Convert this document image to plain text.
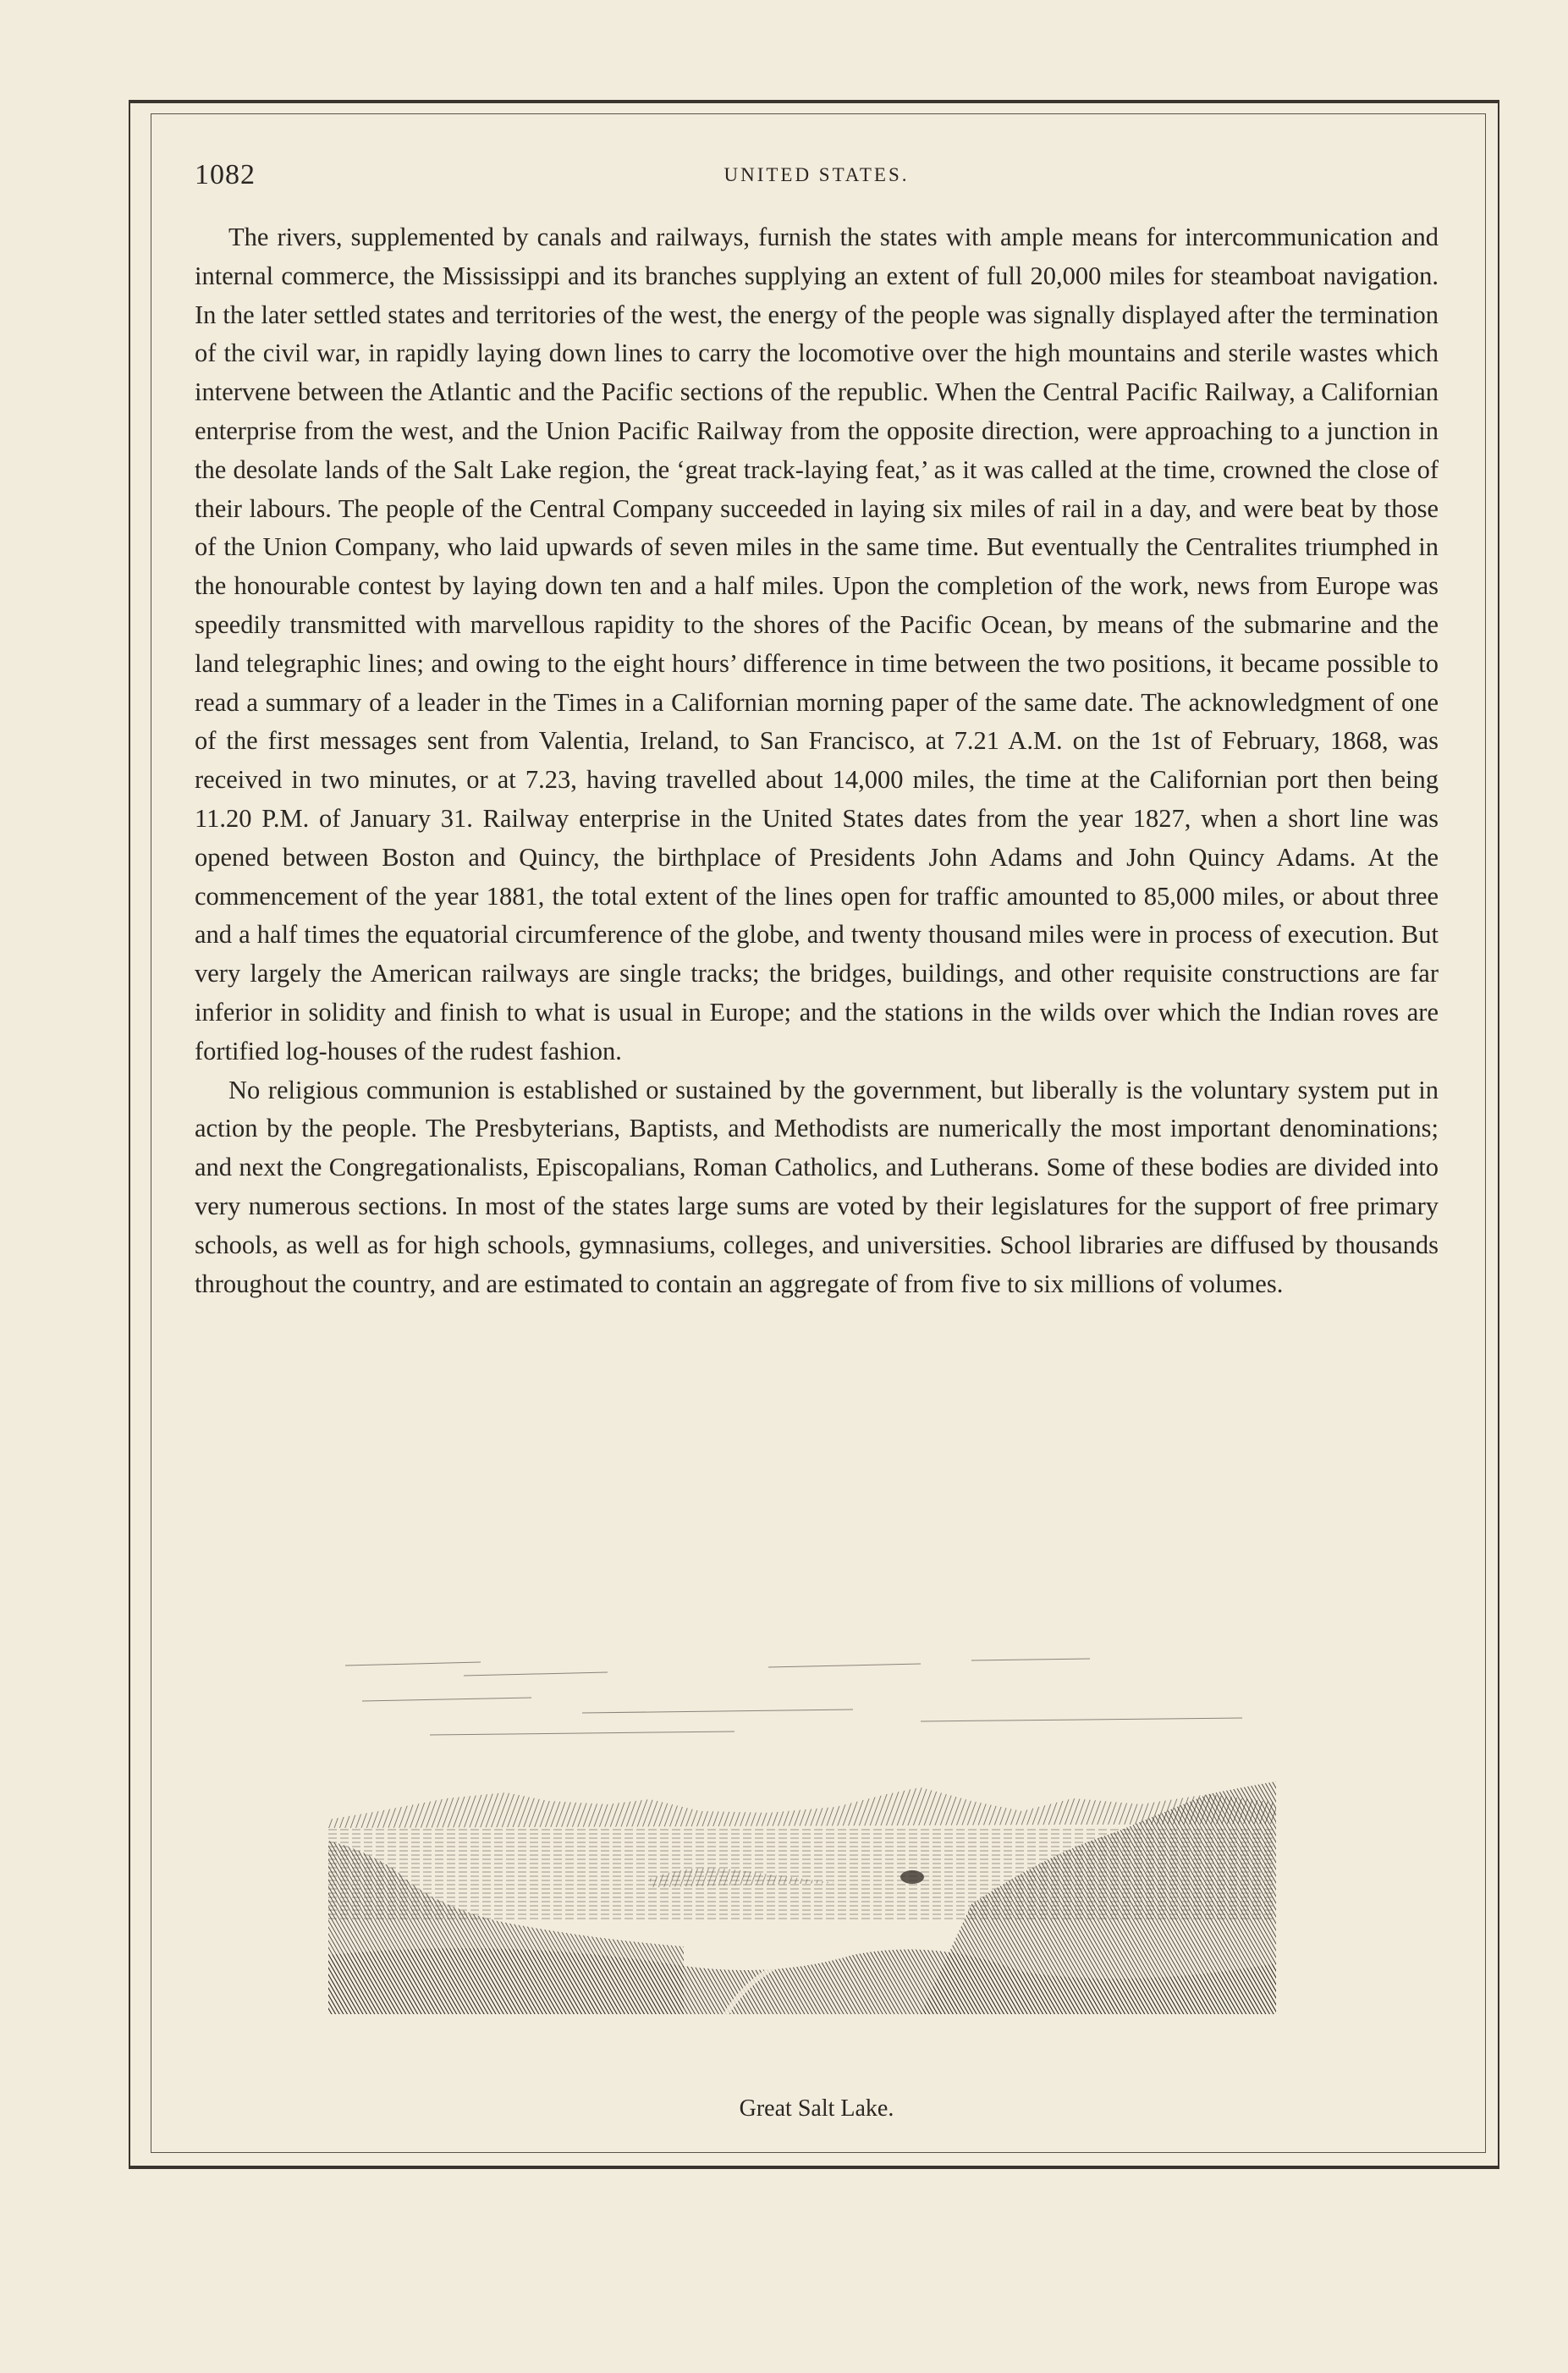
1082	UNITED STATES.

The rivers, supplemented by canals and railways, furnish the states with ample means for intercommunication and internal commerce, the Mississippi and its branches supplying an extent of full 20,000 miles for steamboat navigation. In the later settled states and territories of the west, the energy of the people was signally displayed after the termination of the civil war, in rapidly laying down lines to carry the locomotive over the high mountains and sterile wastes which intervene between the Atlantic and the Pacific sections of the republic. When the Central Pacific Railway, a Californian enterprise from the west, and the Union Pacific Railway from the opposite direction, were approaching to a junction in the desolate lands of the Salt Lake region, the ‘great track-laying feat,’ as it was called at the time, crowned the close of their labours. The people of the Central Company succeeded in laying six miles of rail in a day, and were beat by those of the Union Company, who laid upwards of seven miles in the same time. But eventually the Centralites triumphed in the honourable contest by laying down ten and a half miles. Upon the completion of the work, news from Europe was speedily transmitted with marvellous rapidity to the shores of the Pacific Ocean, by means of the submarine and the land telegraphic lines; and owing to the eight hours’ difference in time between the two positions, it became possible to read a summary of a leader in the Times in a Californian morning paper of the same date. The acknowledgment of one of the first messages sent from Valentia, Ireland, to San Francisco, at 7.21 A.M. on the 1st of February, 1868, was received in two minutes, or at 7.23, having travelled about 14,000 miles, the time at the Californian port then being 11.20 P.M. of January 31. Railway enterprise in the United States dates from the year 1827, when a short line was opened between Boston and Quincy, the birthplace of Presidents John Adams and John Quincy Adams. At the commencement of the year 1881, the total extent of the lines open for traffic amounted to 85,000 miles, or about three and a half times the equatorial circumference of the globe, and twenty thousand miles were in process of execution. But very largely the American railways are single tracks; the bridges, buildings, and other requisite constructions are far inferior in solidity and finish to what is usual in Europe; and the stations in the wilds over which the Indian roves are fortified log-houses of the rudest fashion.

No religious communion is established or sustained by the government, but liberally is the voluntary system put in action by the people. The Presbyterians, Baptists, and Methodists are numerically the most important denominations; and next the Congregationalists, Episcopalians, Roman Catholics, and Lutherans. Some of these bodies are divided into very numerous sections. In most of the states large sums are voted by their legislatures for the support of free primary schools, as well as for high schools, gymnasiums, colleges, and universities. School libraries are diffused by thousands throughout the country, and are estimated to contain an aggregate of from five to six millions of volumes.

Great Salt Lake.
